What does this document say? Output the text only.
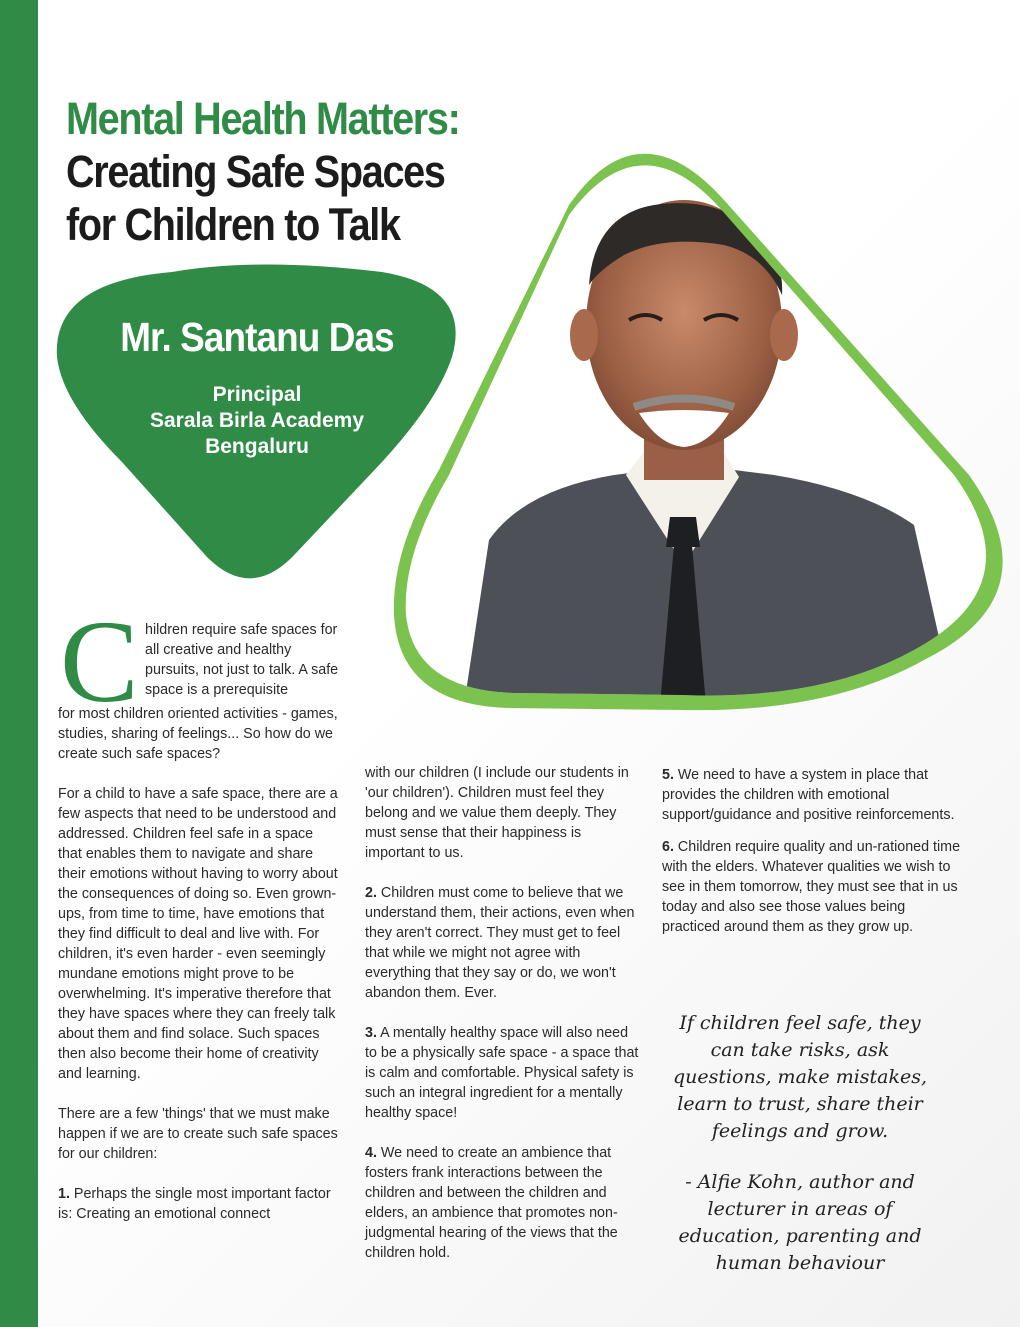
Mental Health Matters:
Creating Safe Spaces
for Children to Talk
Mr. Santanu Das
Principal
Sarala Birla Academy
Bengaluru
C hildren require safe spaces for all creative and healthy pursuits, not just to talk. A safe space is a prerequisite

for most children oriented activities - games, studies, sharing of feelings... So how do we create such safe spaces?

For a child to have a safe space, there are a few aspects that need to be understood and addressed. Children feel safe in a space that enables them to navigate and share their emotions without having to worry about the consequences of doing so. Even grown-ups, from time to time, have emotions that they find difficult to deal and live with. For children, it's even harder - even seemingly mundane emotions might prove to be overwhelming. It's imperative therefore that they have spaces where they can freely talk about them and find solace. Such spaces then also become their home of creativity and learning.

There are a few 'things' that we must make happen if we are to create such safe spaces for our children:

1. Perhaps the single most important factor is: Creating an emotional connect

with our children (I include our students in 'our children'). Children must feel they belong and we value them deeply. They must sense that their happiness is important to us.

2. Children must come to believe that we understand them, their actions, even when they aren't correct. They must get to feel that while we might not agree with everything that they say or do, we won't abandon them. Ever.

3. A mentally healthy space will also need to be a physically safe space - a space that is calm and comfortable. Physical safety is such an integral ingredient for a mentally healthy space!

4. We need to create an ambience that fosters frank interactions between the children and between the children and elders, an ambience that promotes non-judgmental hearing of the views that the children hold.

5. We need to have a system in place that provides the children with emotional support/guidance and positive reinforcements.

6. Children require quality and un-rationed time with the elders. Whatever qualities we wish to see in them tomorrow, they must see that in us today and also see those values being practiced around them as they grow up.

If children feel safe, they can take risks, ask questions, make mistakes, learn to trust, share their feelings and grow.
- Alfie Kohn, author and lecturer in areas of education, parenting and human behaviour
